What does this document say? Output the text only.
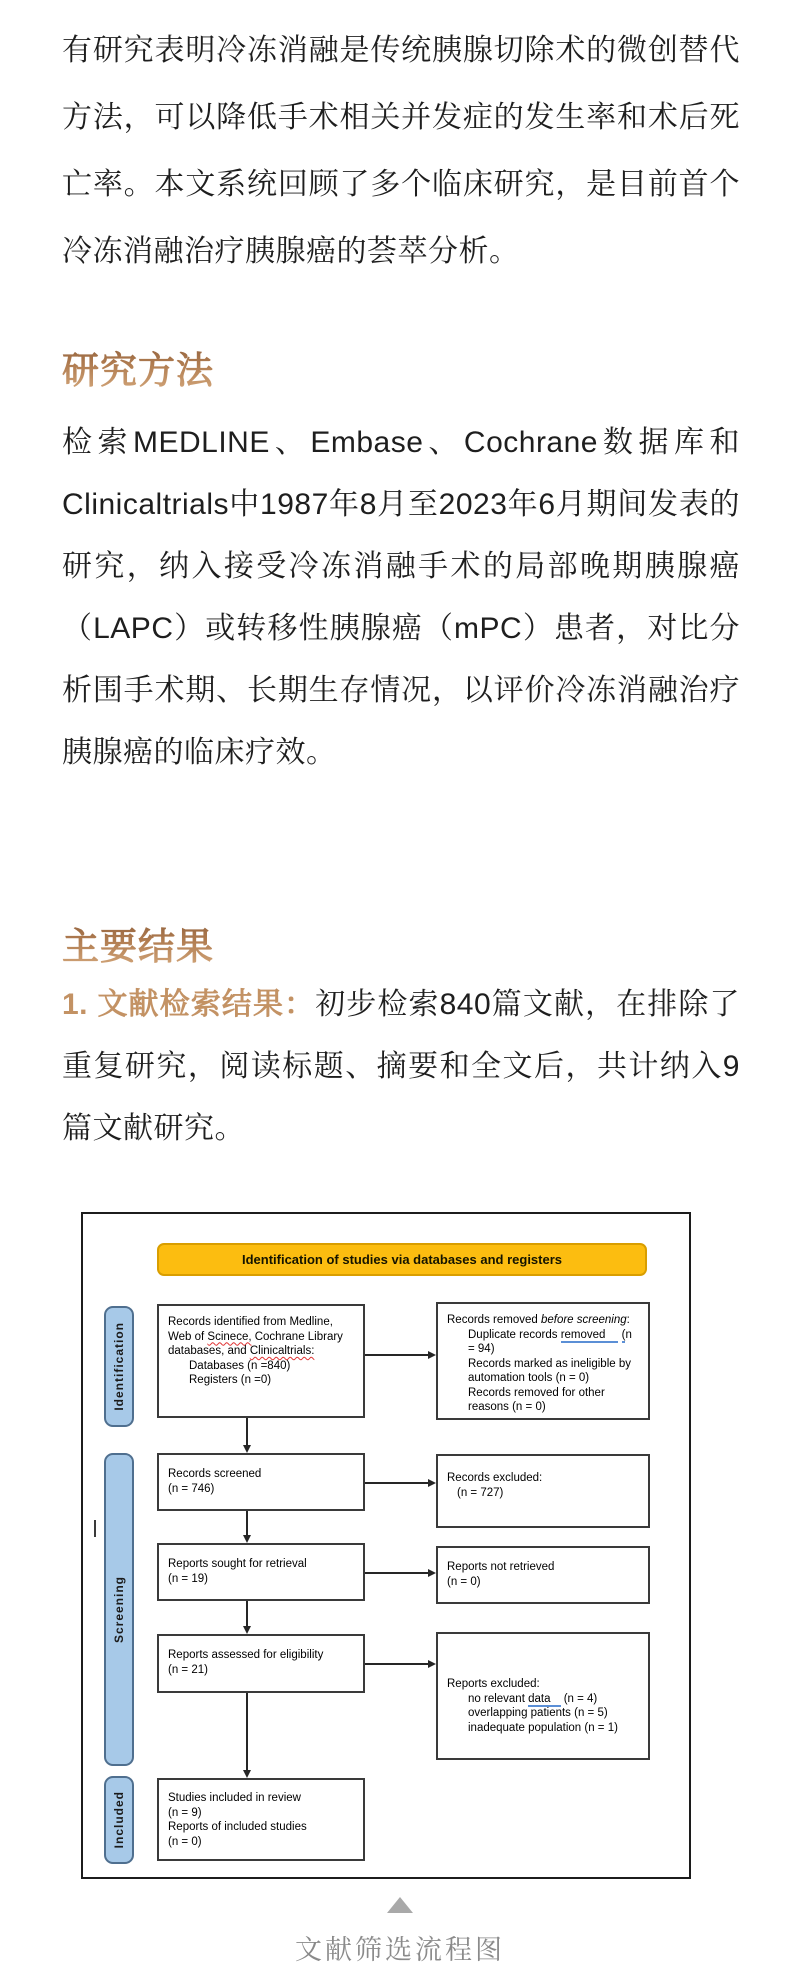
有研究表明冷冻消融是传统胰腺切除术的微创替代方法，可以降低手术相关并发症的发生率和术后死亡率。本文系统回顾了多个临床研究，是目前首个冷冻消融治疗胰腺癌的荟萃分析。
研究方法
检索MEDLINE、Embase、Cochrane数据库和Clinicaltrials中1987年8月至2023年6月期间发表的研究，纳入接受冷冻消融手术的局部晚期胰腺癌（LAPC）或转移性胰腺癌（mPC）患者，对比分析围手术期、长期生存情况，以评价冷冻消融治疗胰腺癌的临床疗效。
主要结果
1. 文献检索结果：初步检索840篇文献，在排除了重复研究，阅读标题、摘要和全文后，共计纳入9篇文献研究。
Identification of studies via databases and registers
Identification
Screening
Included
Records identified from Medline, Web of Scinece, Cochrane Library databases, and Clinicaltrials:
Databases (n =840)
Registers (n =0)
Records removed before screening:
Duplicate records removed (n = 94)
Records marked as ineligible by automation tools (n = 0)
Records removed for other reasons (n = 0)
Records screened
(n = 746)
Records excluded:
(n = 727)
Reports sought for retrieval
(n = 19)
Reports not retrieved
(n = 0)
Reports assessed for eligibility
(n = 21)
Reports excluded:
no relevant data (n = 4)
overlapping patients (n = 5)
inadequate population (n = 1)
Studies included in review
(n = 9)
Reports of included studies
(n = 0)
文献筛选流程图
